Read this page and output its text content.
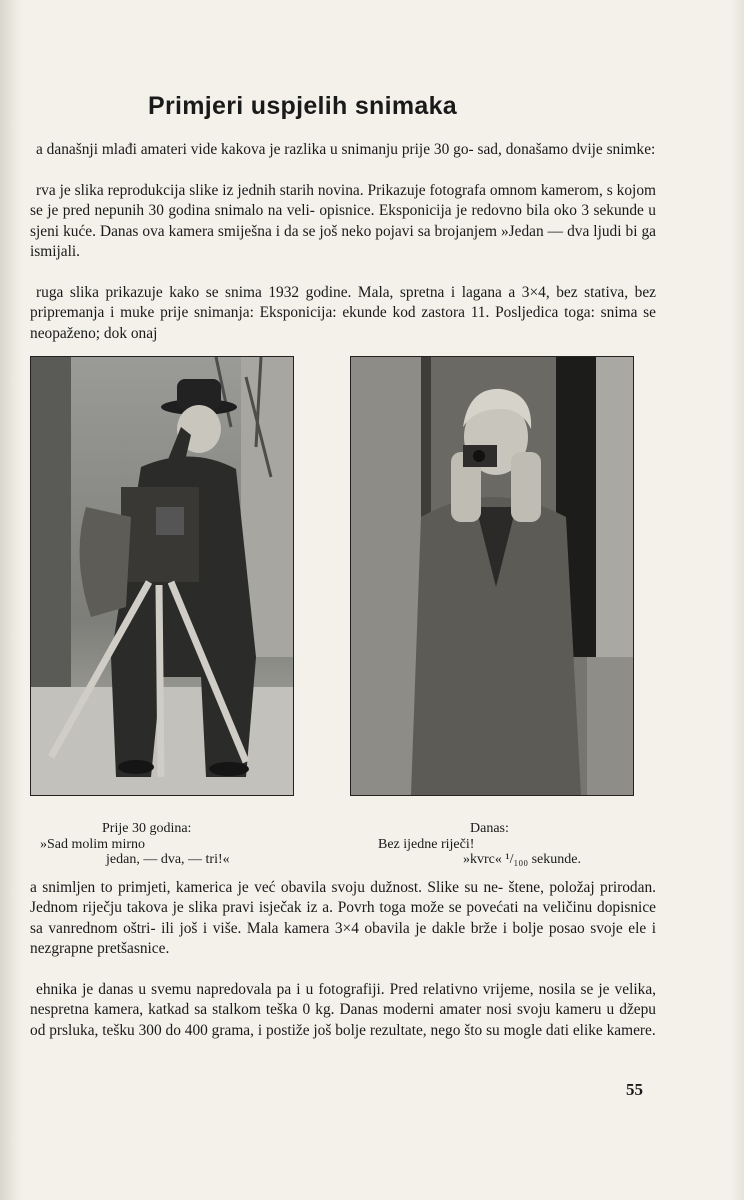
Primjeri uspjelih snimaka

a današnji mlađi amateri vide kakova je razlika u snimanju prije 30 go- sad, donašamo dvije snimke:

rva je slika reprodukcija slike iz jednih starih novina. Prikazuje fotografa omnom kamerom, s kojom se je pred nepunih 30 godina snimalo na veli- opisnice. Eksponicija je redovno bila oko 3 sekunde u sjeni kuće. Danas ova kamera smiješna i da se još neko pojavi sa brojanjem »Jedan — dva ljudi bi ga ismijali.

ruga slika prikazuje kako se snima 1932 godine. Mala, spretna i lagana a 3×4, bez stativa, bez pripremanja i muke prije snimanja: Eksponicija: ekunde kod zastora 11. Posljedica toga: snima se neopaženo; dok onaj

Prije 30 godina:
»Sad molim mirno
jedan, — dva, — tri!«
Danas:
Bez ijedne riječi!
»kvrc« ¹/₁₀₀ sekunde.

a snimljen to primjeti, kamerica je već obavila svoju dužnost. Slike su ne- štene, položaj prirodan. Jednom riječju takova je slika pravi isječak iz a. Povrh toga može se povećati na veličinu dopisnice sa vanrednom oštri- ili još i više. Mala kamera 3×4 obavila je dakle brže i bolje posao svoje ele i nezgrapne pretšasnice.

ehnika je danas u svemu napredovala pa i u fotografiji. Pred relativno vrijeme, nosila se je velika, nespretna kamera, katkad sa stalkom teška 0 kg. Danas moderni amater nosi svoju kameru u džepu od prsluka, tešku 300 do 400 grama, i postiže još bolje rezultate, nego što su mogle dati elike kamere.

55
